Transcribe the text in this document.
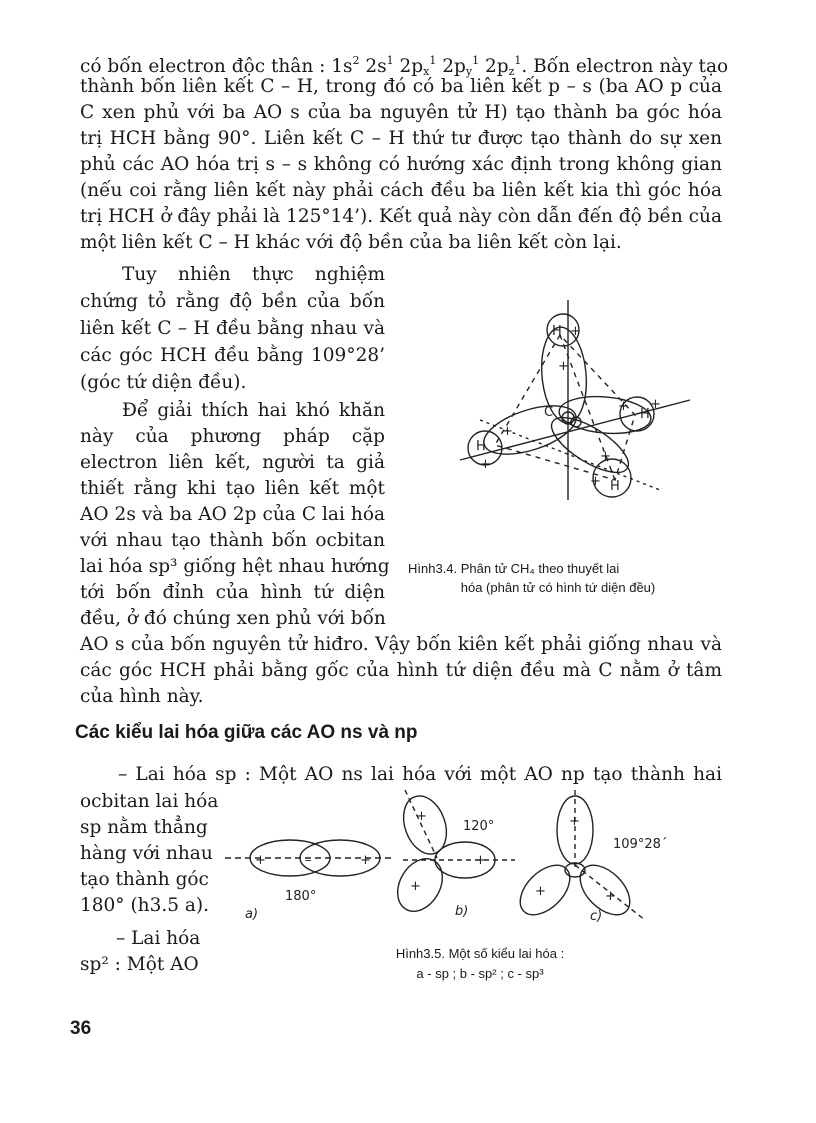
có bốn electron độc thân : $1s^2$ $2s^1$ $2p_x^1$ $2p_y^1$ $2p_z^1$. Bốn electron này tạo
thành bốn liên kết C – H, trong đó có ba liên kết p – s (ba AO p của
C xen phủ với ba AO s của ba nguyên tử H) tạo thành ba góc hóa
trị HCH bằng 90°. Liên kết C – H thứ tư được tạo thành do sự xen
phủ các AO hóa trị s – s không có hướng xác định trong không gian
(nếu coi rằng liên kết này phải cách đều ba liên kết kia thì góc hóa
trị HCH ở đây phải là 125°14’). Kết quả này còn dẫn đến độ bền của
một liên kết C – H khác với độ bền của ba liên kết còn lại.
Tuy nhiên thực nghiệm
chứng tỏ rằng độ bền của bốn
liên kết C – H đều bằng nhau và
các góc HCH đều bằng 109°28’
(góc tứ diện đều).
Để giải thích hai khó khăn
này của phương pháp cặp
electron liên kết, người ta giả
thiết rằng khi tạo liên kết một
AO 2s và ba AO 2p của C lai hóa
với nhau tạo thành bốn ocbitan
lai hóa sp³ giống hệt nhau hướng
tới bốn đỉnh của hình tứ diện
đều, ở đó chúng xen phủ với bốn
AO s của bốn nguyên tử hiđro. Vậy bốn kiên kết phải giống nhau và
các góc HCH phải bằng gốc của hình tứ diện đều mà C nằm ở tâm
của hình này.
C
H
H
H
H
+
+
+
+
+ +
+
+
Hình3.4. Phân tử CH₄ theo thuyết lai
hóa (phân tử có hình tứ diện đều)
Các kiểu lai hóa giữa các AO ns và np
– Lai hóa sp : Một AO ns lai hóa với một AO np tạo thành hai
ocbitan lai hóa
sp nằm thẳng
hàng với nhau
tạo thành góc
180° (h3.5 a).
– Lai hóa
sp² : Một AO
+	+
–
+
+
+
+
+	+
180°
120°
109°28´
a)	b)	c)
Hình3.5. Một số kiểu lai hóa :
a - sp ; b - sp² ; c - sp³
36
